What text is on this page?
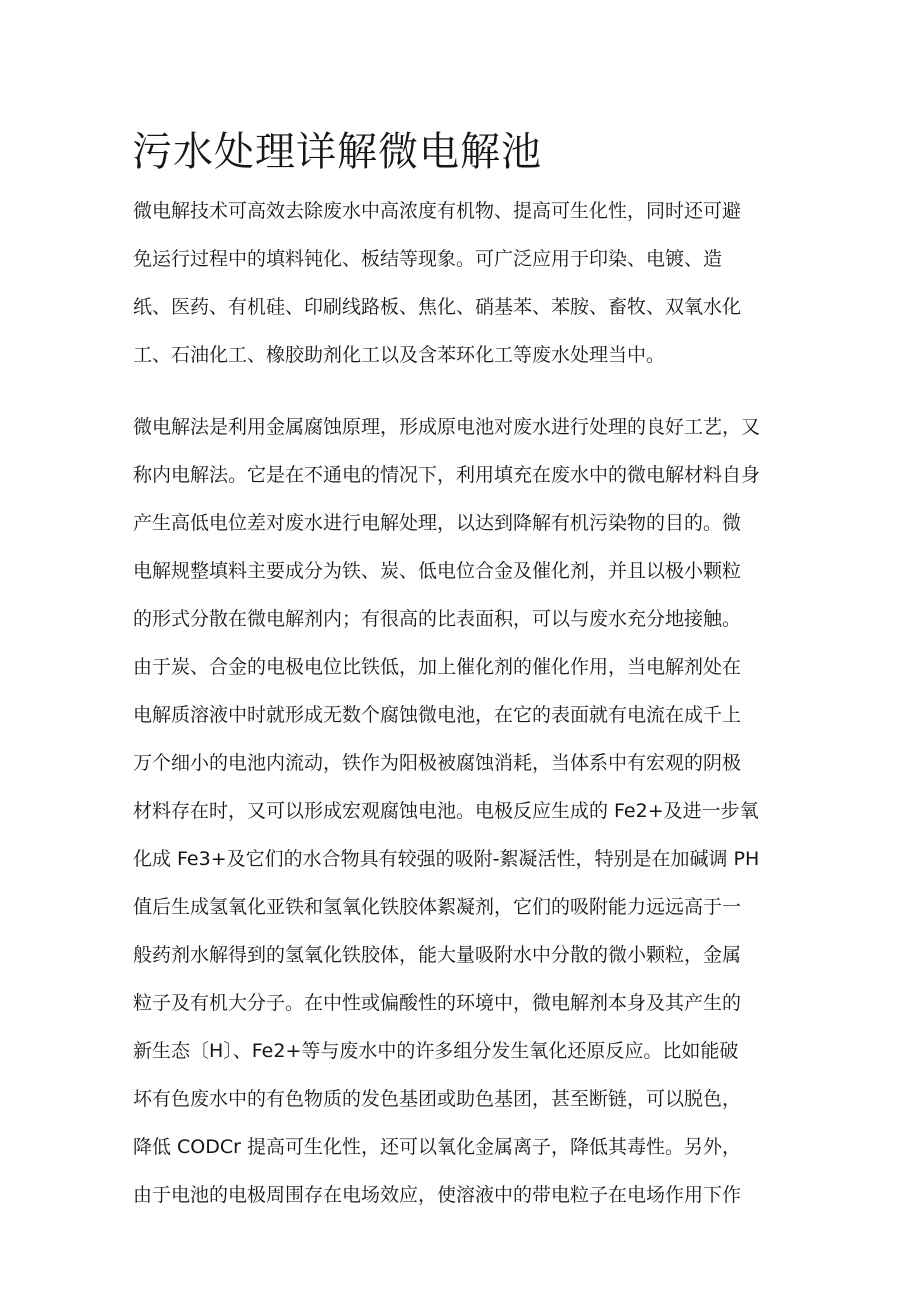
污水处理详解微电解池

微电解技术可高效去除废水中高浓度有机物、提高可生化性，同时还可避

免运行过程中的填料钝化、板结等现象。可广泛应用于印染、电镀、造

纸、医药、有机硅、印刷线路板、焦化、硝基苯、苯胺、畜牧、双氧水化

工、石油化工、橡胶助剂化工以及含苯环化工等废水处理当中。

微电解法是利用金属腐蚀原理，形成原电池对废水进行处理的良好工艺，又

称内电解法。它是在不通电的情况下，利用填充在废水中的微电解材料自身

产生高低电位差对废水进行电解处理，以达到降解有机污染物的目的。微

电解规整填料主要成分为铁、炭、低电位合金及催化剂，并且以极小颗粒

的形式分散在微电解剂内；有很高的比表面积，可以与废水充分地接触。

由于炭、合金的电极电位比铁低，加上催化剂的催化作用，当电解剂处在

电解质溶液中时就形成无数个腐蚀微电池，在它的表面就有电流在成千上

万个细小的电池内流动，铁作为阳极被腐蚀消耗，当体系中有宏观的阴极

材料存在时，又可以形成宏观腐蚀电池。电极反应生成的 Fe2+及进一步氧

化成 Fe3+及它们的水合物具有较强的吸附-絮凝活性，特别是在加碱调 PH

值后生成氢氧化亚铁和氢氧化铁胶体絮凝剂，它们的吸附能力远远高于一

般药剂水解得到的氢氧化铁胶体，能大量吸附水中分散的微小颗粒，金属

粒子及有机大分子。在中性或偏酸性的环境中，微电解剂本身及其产生的

新生态〔H〕、Fe2+等与废水中的许多组分发生氧化还原反应。比如能破

坏有色废水中的有色物质的发色基团或助色基团，甚至断链，可以脱色，

降低 CODCr 提高可生化性，还可以氧化金属离子，降低其毒性。另外，

由于电池的电极周围存在电场效应，使溶液中的带电粒子在电场作用下作
